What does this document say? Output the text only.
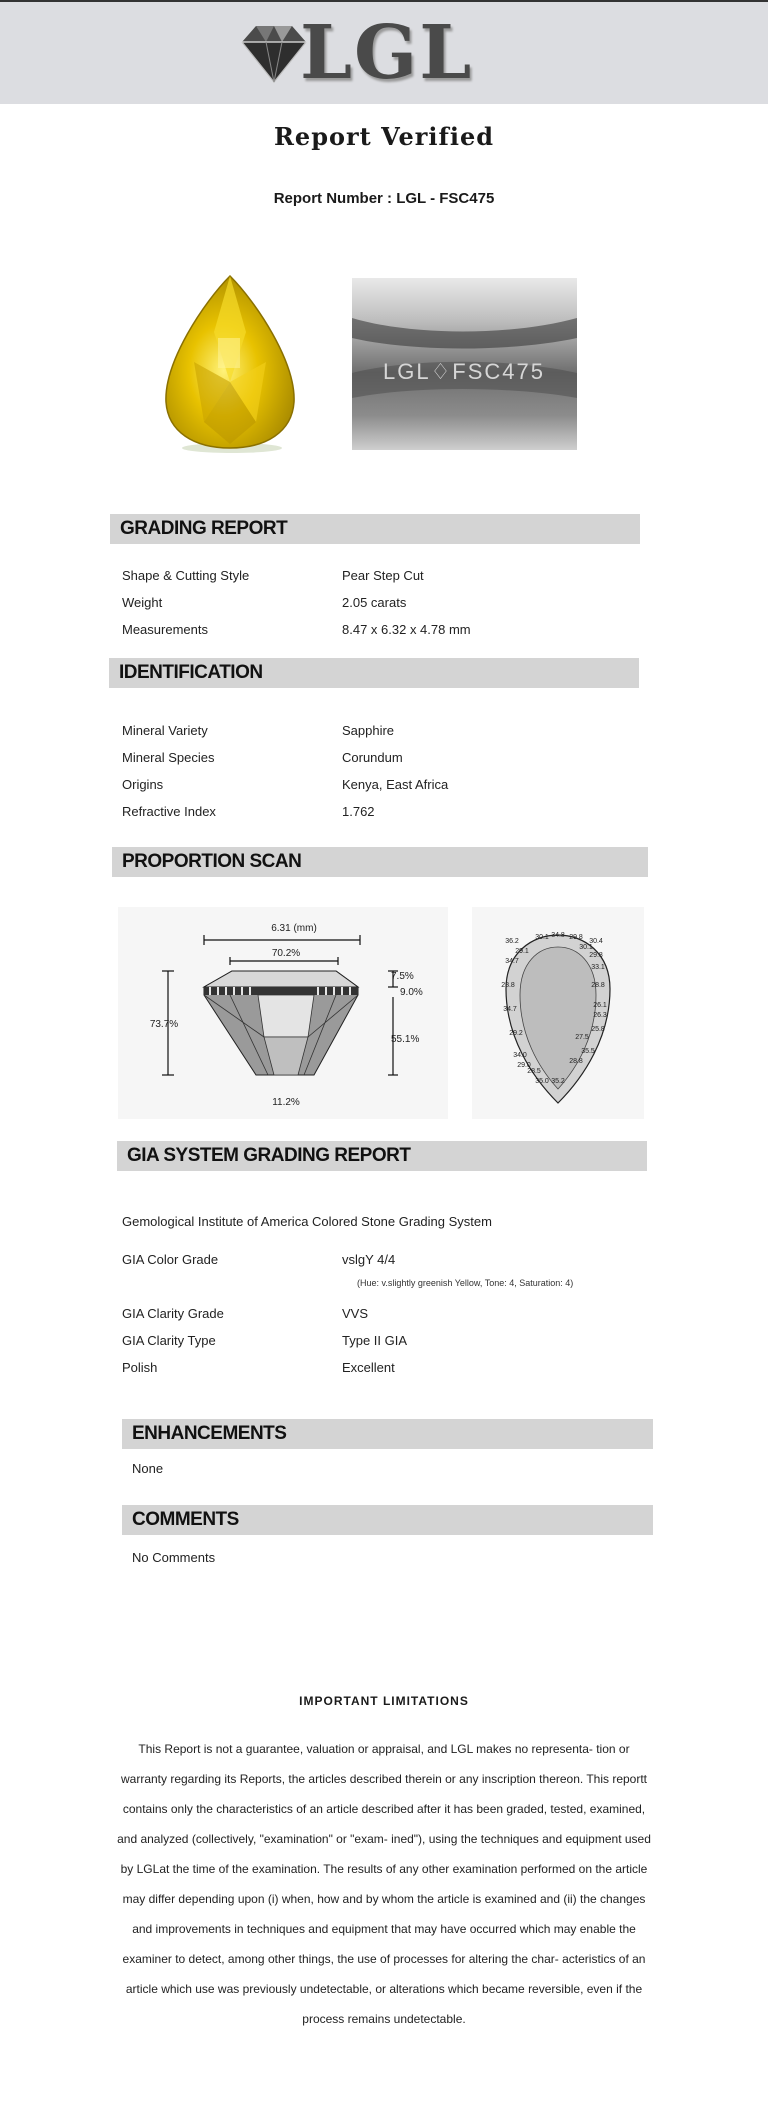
LGL
Report Verified
Report Number : LGL - FSC475
LGL♢FSC475
GRADING REPORT
Shape & Cutting Style	Pear Step Cut
Weight	2.05 carats
Measurements	8.47 x 6.32 x 4.78 mm
IDENTIFICATION
Mineral Variety	Sapphire
Mineral Species	Corundum
Origins	Kenya, East Africa
Refractive Index	1.762
PROPORTION SCAN
6.31 (mm)
70.2%
73.7%
7.5%
9.0%
55.1%
11.2%
36.2
29.1
30.1 34.8 29.8
30.1
30.4
29.8
34.7
33.1
28.8	28.8
34.7
26.1
26.3
25.8
29.2
27.5
34.0
29.0
28.5
35.0
28.8
35.5
35.2
GIA SYSTEM GRADING REPORT
Gemological Institute of America Colored Stone Grading System
GIA Color Grade	vslgY 4/4
(Hue: v.slightly greenish Yellow, Tone: 4, Saturation: 4)
GIA Clarity Grade	VVS
GIA Clarity Type	Type II GIA
Polish	Excellent
ENHANCEMENTS
None
COMMENTS
No Comments
IMPORTANT LIMITATIONS
This Report is not a guarantee, valuation or appraisal, and LGL makes no representa- tion or warranty regarding its Reports, the articles described therein or any inscription thereon. This reportt contains only the characteristics of an article described after it has been graded, tested, examined, and analyzed (collectively, "examination" or "exam- ined"), using the techniques and equipment used by LGLat the time of the examination. The results of any other examination performed on the article may differ depending upon (i) when, how and by whom the article is examined and (ii) the changes and improvements in techniques and equipment that may have occurred which may enable the examiner to detect, among other things, the use of processes for altering the char- acteristics of an article which use was previously undetectable, or alterations which became reversible, even if the process remains undetectable.
